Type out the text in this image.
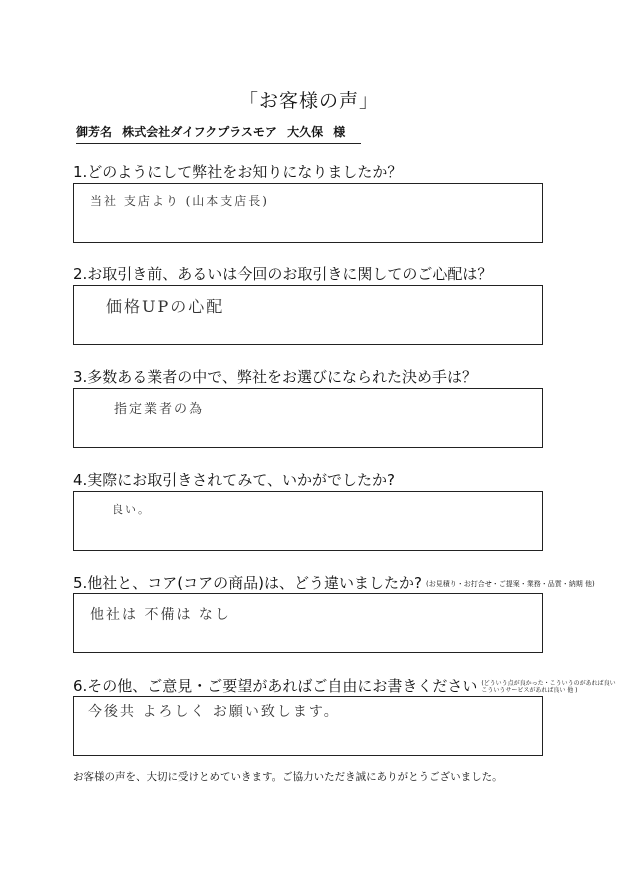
「お客様の声」
御芳名 株式会社ダイフクプラスモア 大久保 様
1.どのようにして弊社をお知りになりましたか？
当社 支店より (山本支店長)
2.お取引き前、あるいは今回のお取引きに関してのご心配は？
価格UPの心配
3.多数ある業者の中で、弊社をお選びになられた決め手は？
指定業者の為
4.実際にお取引きされてみて、いかがでしたか?
良い。
5.他社と、コア(コアの商品)は、どう違いましたか? (お見積り・お打合せ・ご提案・業務・品質・納期 他)
他社は 不備は なし
6.その他、ご意見・ご要望があればご自由にお書きください (どういう点が良かった・こういうのがあれば良い
こういうサービスがあれば良い 他 )
今後共 よろしく お願い致します。
お客様の声を、大切に受けとめていきます。ご協力いただき誠にありがとうございました。
